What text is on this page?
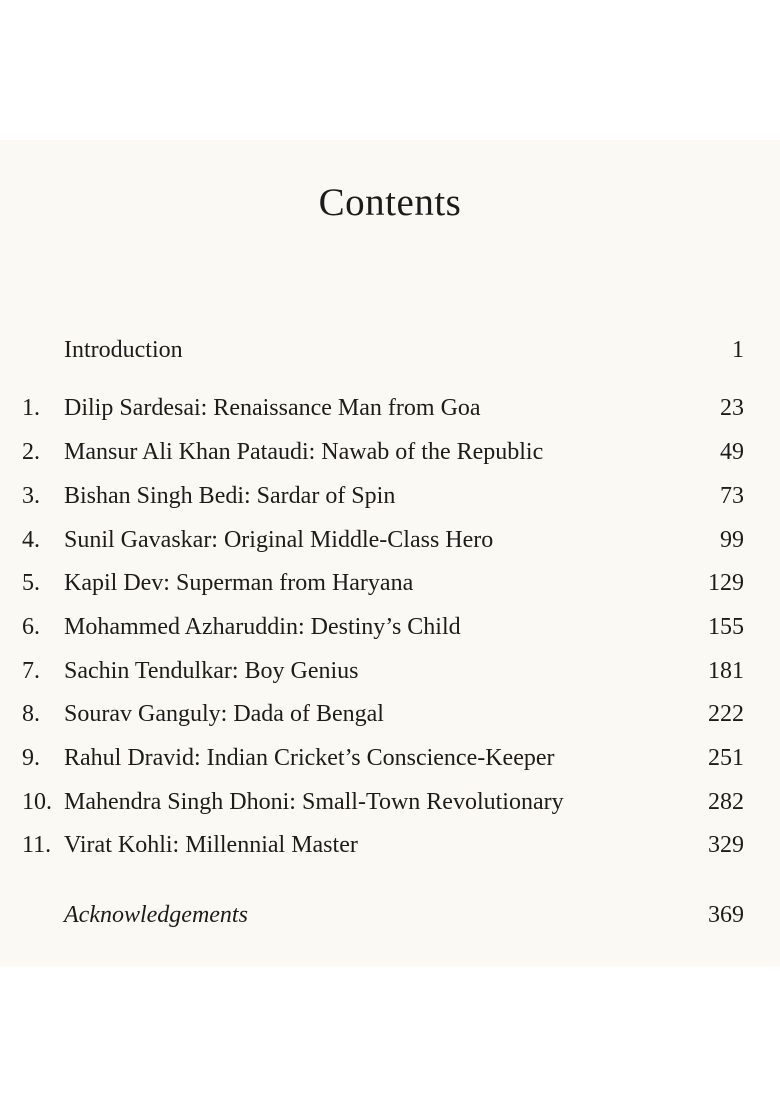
Contents
Introduction	1
1. Dilip Sardesai: Renaissance Man from Goa	23
2. Mansur Ali Khan Pataudi: Nawab of the Republic	49
3. Bishan Singh Bedi: Sardar of Spin	73
4. Sunil Gavaskar: Original Middle-Class Hero	99
5. Kapil Dev: Superman from Haryana	129
6. Mohammed Azharuddin: Destiny’s Child	155
7. Sachin Tendulkar: Boy Genius	181
8. Sourav Ganguly: Dada of Bengal	222
9. Rahul Dravid: Indian Cricket’s Conscience-Keeper	251
10. Mahendra Singh Dhoni: Small-Town Revolutionary	282
11. Virat Kohli: Millennial Master	329
Acknowledgements	369
